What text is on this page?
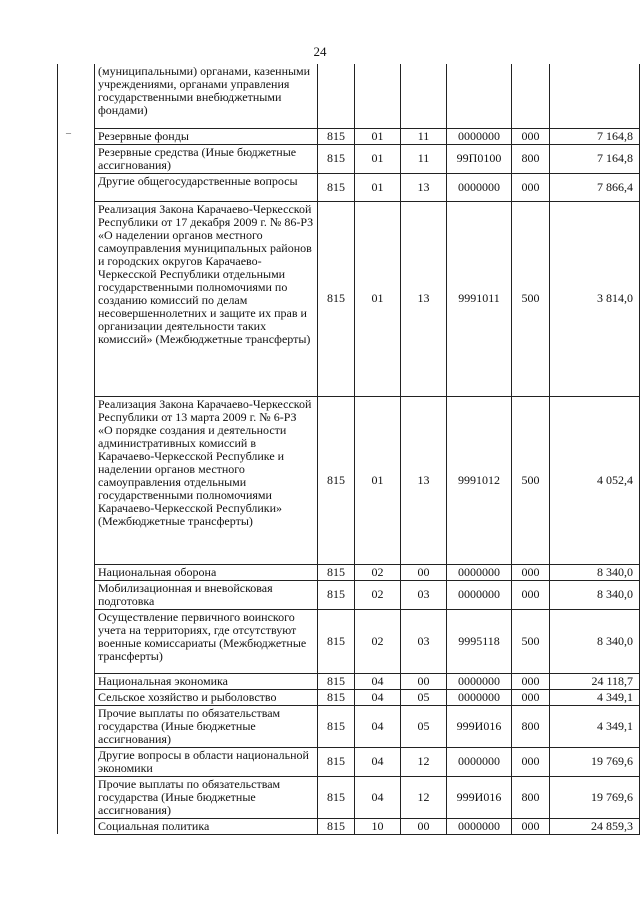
24
–
	(муниципальными) органами, казенными учреждениями, органами управления государственными внебюджетными фондами)						
	Резервные фонды	815	01	11	0000000	000	7 164,8
	Резервные средства (Иные бюджетные ассигнования)	815	01	11	99П0100	800	7 164,8
	Другие общегосударственные вопросы	815	01	13	0000000	000	7 866,4
	Реализация Закона Карачаево-Черкесской Республики от 17 декабря 2009 г. № 86-РЗ «О наделении органов местного самоуправления муниципальных районов и городских округов Карачаево-Черкесской Республики отдельными государственными полномочиями по созданию комиссий по делам несовершеннолетних и защите их прав и организации деятельности таких комиссий» (Межбюджетные трансферты)	815	01	13	9991011	500	3 814,0
	Реализация Закона Карачаево-Черкесской Республики от 13 марта 2009 г. № 6-РЗ «О порядке создания и деятельности административных комиссий в Карачаево-Черкесской Республике и наделении органов местного самоуправления отдельными государственными полномочиями Карачаево-Черкесской Республики» (Межбюджетные трансферты)	815	01	13	9991012	500	4 052,4
	Национальная оборона	815	02	00	0000000	000	8 340,0
	Мобилизационная и вневойсковая подготовка	815	02	03	0000000	000	8 340,0
	Осуществление первичного воинского учета на территориях, где отсутствуют военные комиссариаты (Межбюджетные трансферты)	815	02	03	9995118	500	8 340,0
	Национальная экономика	815	04	00	0000000	000	24 118,7
	Сельское хозяйство и рыболовство	815	04	05	0000000	000	4 349,1
	Прочие выплаты по обязательствам государства (Иные бюджетные ассигнования)	815	04	05	999И016	800	4 349,1
	Другие вопросы в области национальной экономики	815	04	12	0000000	000	19 769,6
	Прочие выплаты по обязательствам государства (Иные бюджетные ассигнования)	815	04	12	999И016	800	19 769,6
	Социальная политика	815	10	00	0000000	000	24 859,3
